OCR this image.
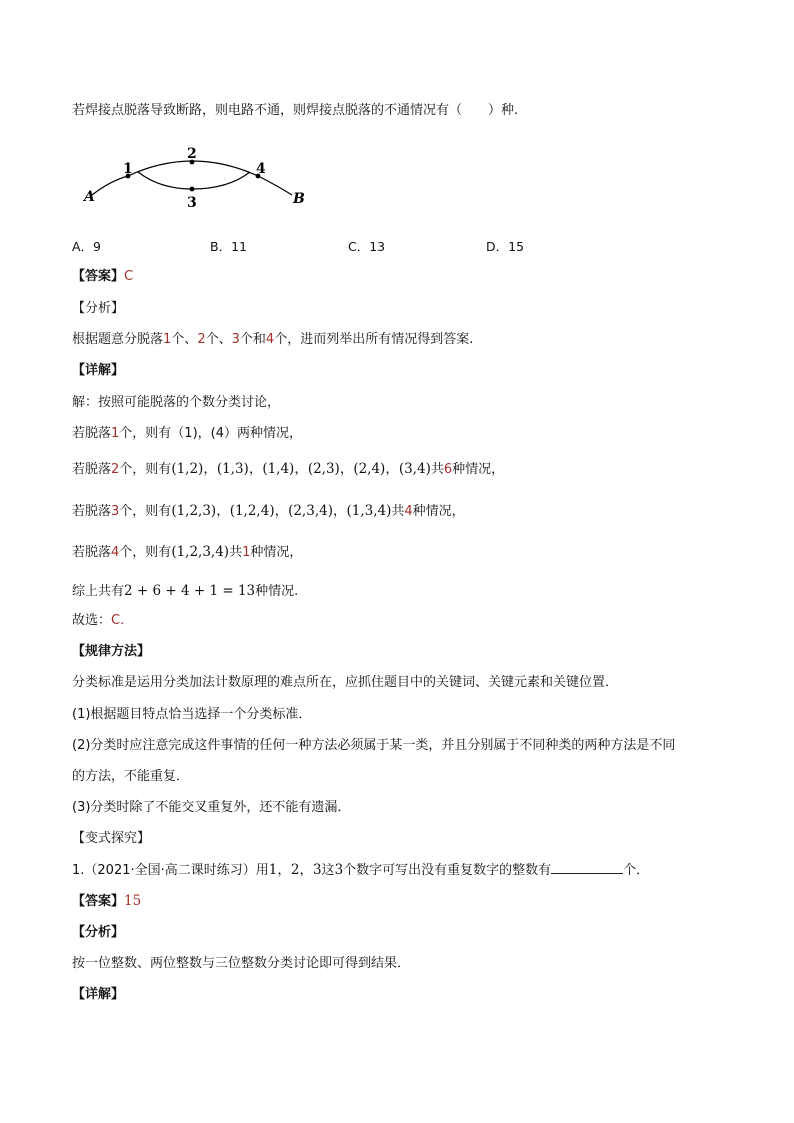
若焊接点脱落导致断路，则电路不通，则焊接点脱落的不通情况有（　　）种.
A	B
1
2
3
4
A．9	B．11	C．13	D．15
【答案】C
【分析】
根据题意分脱落1个、2个、3个和4个，进而列举出所有情况得到答案.
【详解】
解：按照可能脱落的个数分类讨论，
若脱落1个，则有（1)，(4）两种情况，
若脱落2个，则有(1,2)，(1,3)，(1,4)，(2,3)，(2,4)，(3,4)共6种情况，
若脱落3个，则有(1,2,3)，(1,2,4)，(2,3,4)，(1,3,4)共4种情况，
若脱落4个，则有(1,2,3,4)共1种情况，
综上共有2 + 6 + 4 + 1 = 13种情况.
故选：C.
【规律方法】
分类标准是运用分类加法计数原理的难点所在，应抓住题目中的关键词、关键元素和关键位置．
(1)根据题目特点恰当选择一个分类标准．
(2)分类时应注意完成这件事情的任何一种方法必须属于某一类，并且分别属于不同种类的两种方法是不同
的方法，不能重复．
(3)分类时除了不能交叉重复外，还不能有遗漏．
【变式探究】
1.（2021·全国·高二课时练习）用1，2，3这3个数字可写出没有重复数字的整数有	个．
【答案】15
【分析】
按一位整数、两位整数与三位整数分类讨论即可得到结果．
【详解】
